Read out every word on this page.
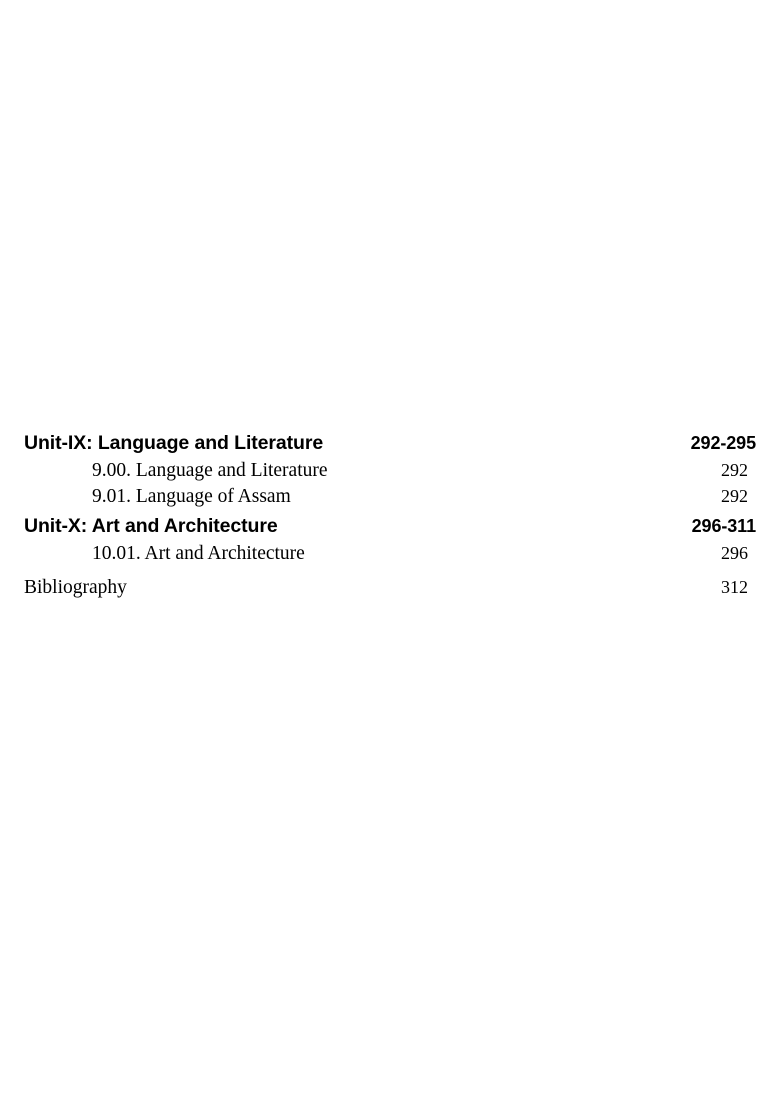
Unit-IX: Language and Literature	292-295
9.00. Language and Literature	292
9.01. Language of Assam	292
Unit-X: Art and Architecture	296-311
10.01. Art and Architecture	296
Bibliography	312
